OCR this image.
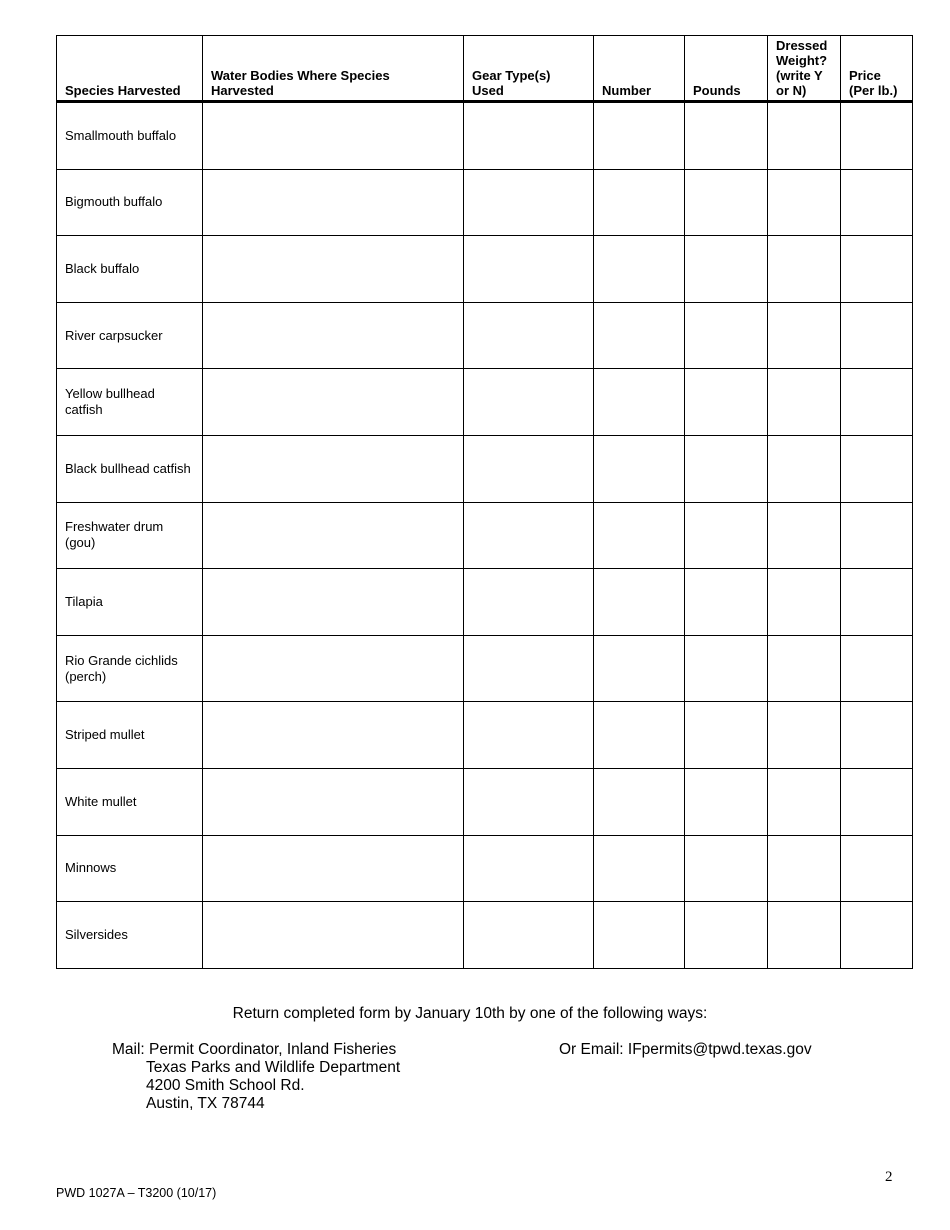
Species Harvested	Water Bodies Where Species Harvested	Gear Type(s) Used	Number	Pounds	Dressed Weight? (write Y or N)	Price (Per lb.)
Smallmouth buffalo						
Bigmouth buffalo						
Black buffalo						
River carpsucker						
Yellow bullhead catfish						
Black bullhead catfish						
Freshwater drum (gou)						
Tilapia						
Rio Grande cichlids (perch)						
Striped mullet						
White mullet						
Minnows						
Silversides						
Return completed form by January 10th by one of the following ways:
Mail: Permit Coordinator, Inland Fisheries
Texas Parks and Wildlife Department
4200 Smith School Rd.
Austin, TX 78744
Or Email: IFpermits@tpwd.texas.gov
2
PWD 1027A – T3200 (10/17)
